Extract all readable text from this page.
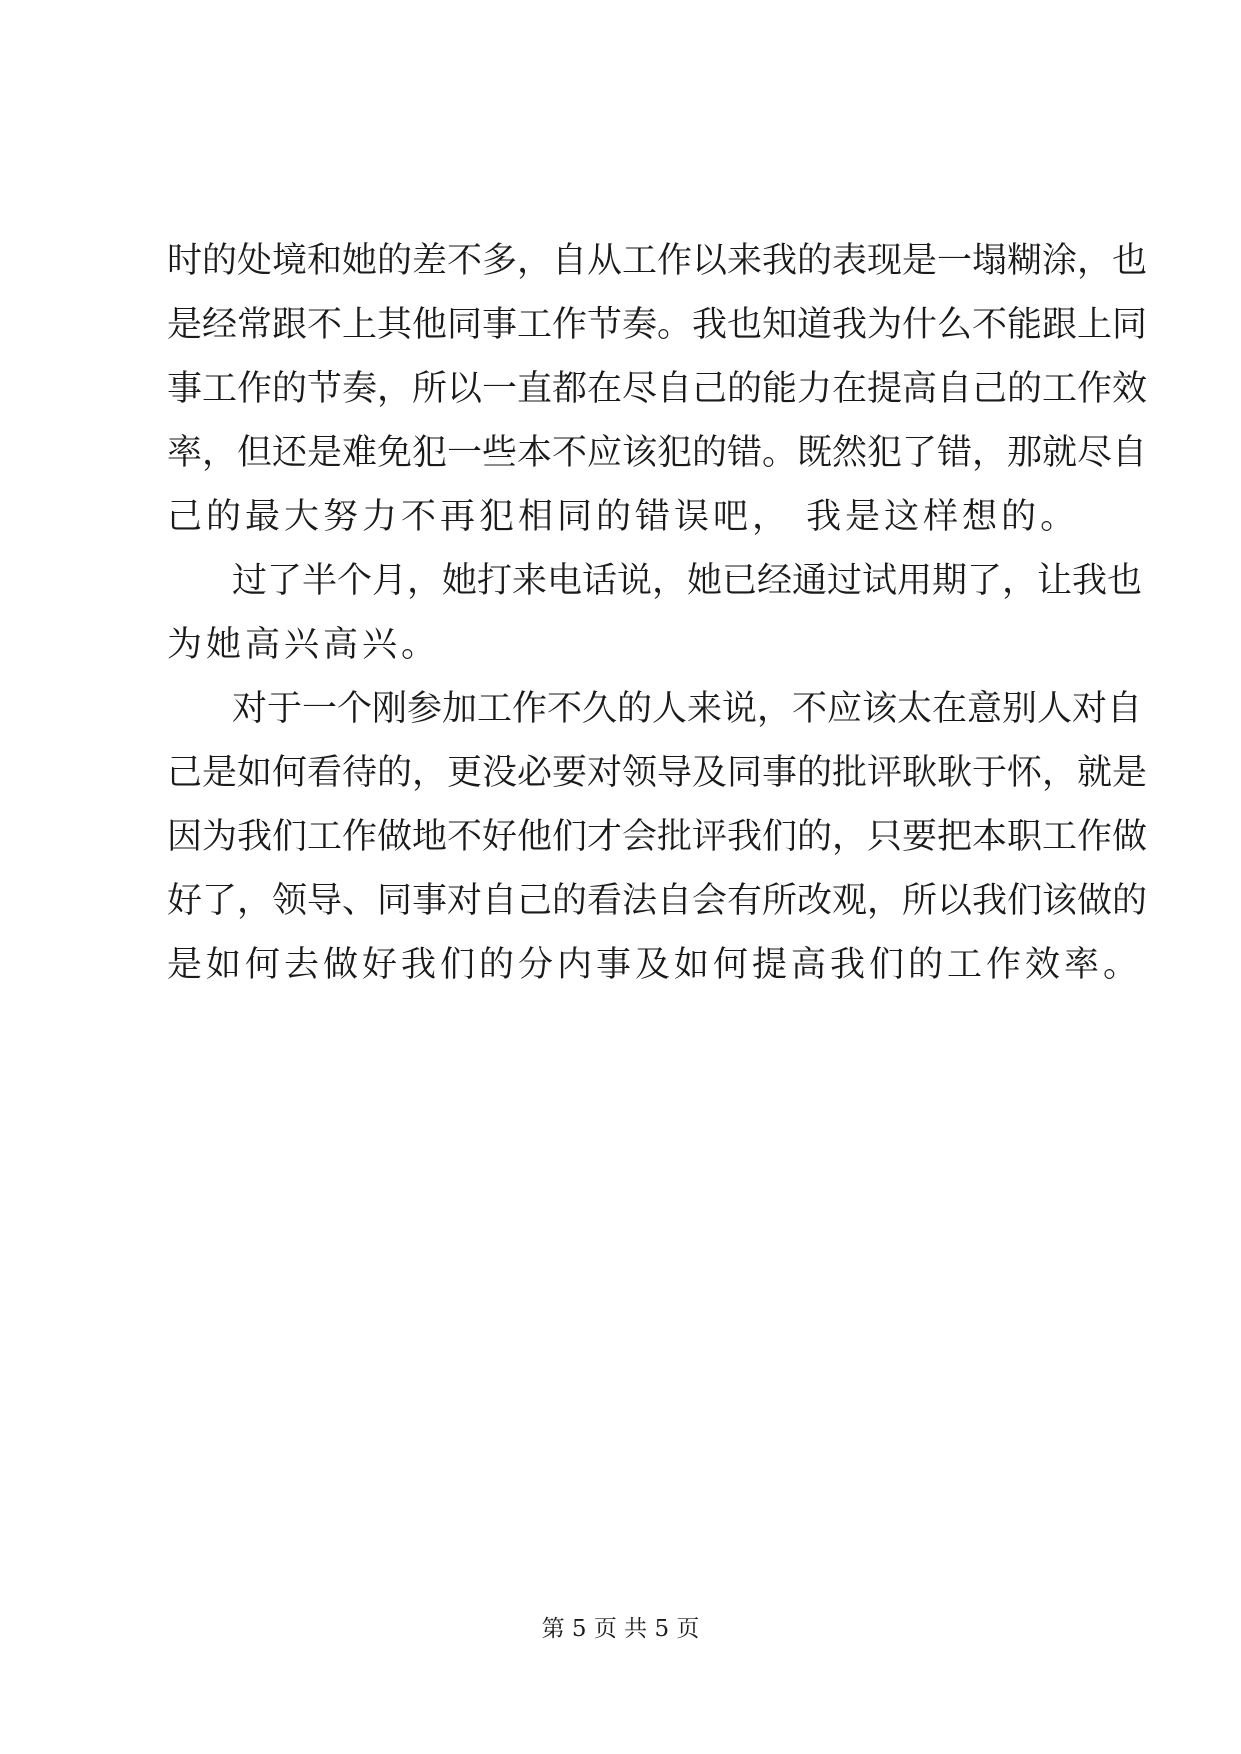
时的处境和她的差不多，自从工作以来我的表现是一塌糊涂，也
是经常跟不上其他同事工作节奏。我也知道我为什么不能跟上同
事工作的节奏，所以一直都在尽自己的能力在提高自己的工作效
率，但还是难免犯一些本不应该犯的错。既然犯了错，那就尽自
己的最大努力不再犯相同的错误吧， 我是这样想的。
过了半个月，她打来电话说，她已经通过试用期了，让我也
为她高兴高兴。
对于一个刚参加工作不久的人来说，不应该太在意别人对自
己是如何看待的，更没必要对领导及同事的批评耿耿于怀，就是
因为我们工作做地不好他们才会批评我们的，只要把本职工作做
好了，领导、同事对自己的看法自会有所改观，所以我们该做的
是如何去做好我们的分内事及如何提高我们的工作效率。
第 5 页 共 5 页
